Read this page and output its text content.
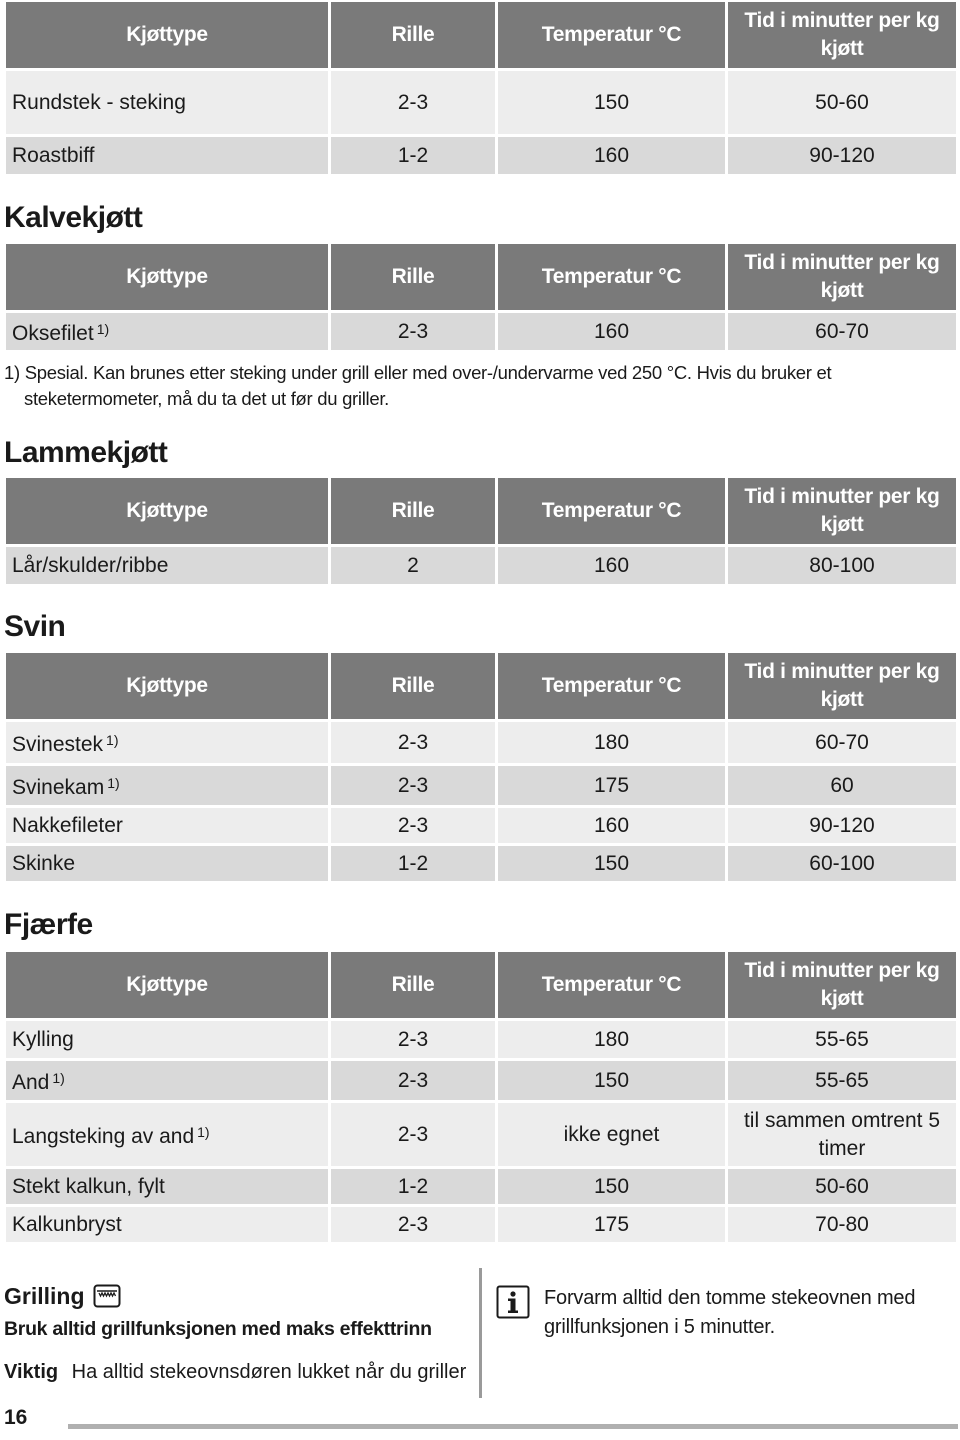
Kjøttype	Rille	Temperatur °C	Tid i minutter per kg kjøtt
Rundstek - steking	2-3	150	50-60
Roastbiff	1-2	160	90-120
Kalvekjøtt
Kjøttype	Rille	Temperatur °C	Tid i minutter per kg kjøtt
Oksefilet $^{1)}$	2-3	160	60-70
1) Spesial. Kan brunes etter steking under grill eller med over-/undervarme ved 250 °C. Hvis du bruker et steketermometer, må du ta det ut før du griller.
Lammekjøtt
Kjøttype	Rille	Temperatur °C	Tid i minutter per kg kjøtt
Lår/skulder/ribbe	2	160	80-100
Svin
Kjøttype	Rille	Temperatur °C	Tid i minutter per kg kjøtt
Svinestek $^{1)}$	2-3	180	60-70
Svinekam $^{1)}$	2-3	175	60
Nakkefileter	2-3	160	90-120
Skinke	1-2	150	60-100
Fjærfe
Kjøttype	Rille	Temperatur °C	Tid i minutter per kg kjøtt
Kylling	2-3	180	55-65
And $^{1)}$	2-3	150	55-65
Langsteking av and $^{1)}$	2-3	ikke egnet	til sammen omtrent 5 timer
Stekt kalkun, fylt	1-2	150	50-60
Kalkunbryst	2-3	175	70-80
Grilling
Bruk alltid grillfunksjonen med maks effekttrinn
Viktig Ha alltid stekeovnsdøren lukket når du griller
Forvarm alltid den tomme stekeovnen med grillfunksjonen i 5 minutter.
16
